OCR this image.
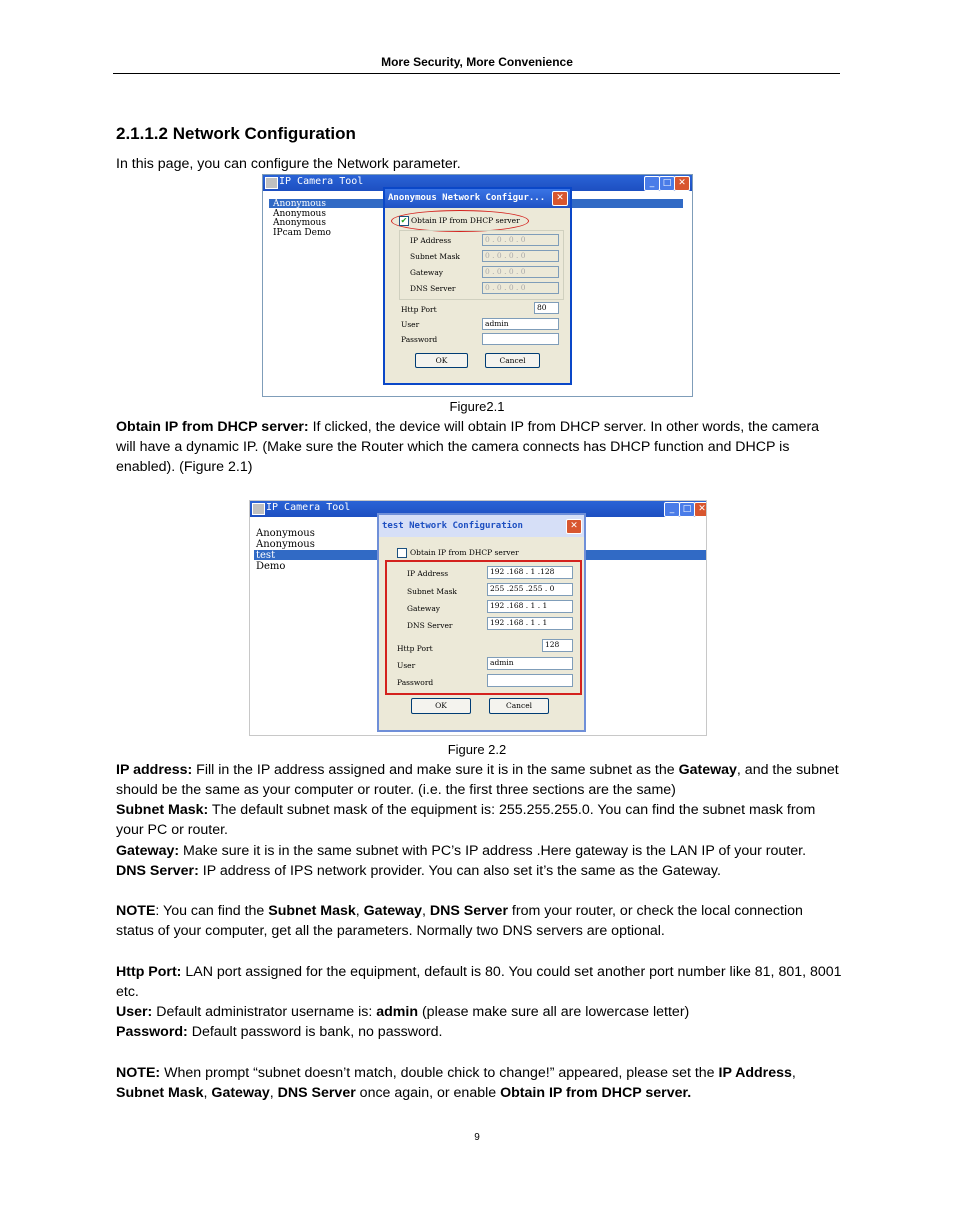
More Security, More Convenience
2.1.1.2 Network Configuration
In this page, you can configure the Network parameter.
IP Camera Tool	_ □ ✕
Anonymous
Anonymous
Anonymous
IPcam Demo
Anonymous Network Configur...	✕
✔ Obtain IP from DHCP server
IP Address	0 . 0 . 0 . 0
Subnet Mask	0 . 0 . 0 . 0
Gateway	0 . 0 . 0 . 0
DNS Server	0 . 0 . 0 . 0
Http Port	80
User	admin
Password
OK	Cancel
Figure2.1
Obtain IP from DHCP server: If clicked, the device will obtain IP from DHCP server. In other words, the camera will have a dynamic IP. (Make sure the Router which the camera connects has DHCP function and DHCP is enabled). (Figure 2.1)
IP Camera Tool	_ □ ✕
Anonymous
Anonymous
test
Demo
test Network Configuration	✕
Obtain IP from DHCP server
IP Address	192 .168 . 1 .128
Subnet Mask	255 .255 .255 . 0
Gateway	192 .168 . 1 . 1
DNS Server	192 .168 . 1 . 1
Http Port	128
User	admin
Password
OK	Cancel
Figure 2.2
IP address: Fill in the IP address assigned and make sure it is in the same subnet as the Gateway, and the subnet should be the same as your computer or router. (i.e. the first three sections are the same)
Subnet Mask: The default subnet mask of the equipment is: 255.255.255.0. You can find the subnet mask from your PC or router.
Gateway: Make sure it is in the same subnet with PC’s IP address .Here gateway is the LAN IP of your router.
DNS Server: IP address of IPS network provider. You can also set it’s the same as the Gateway.
NOTE: You can find the Subnet Mask, Gateway, DNS Server from your router, or check the local connection status of your computer, get all the parameters. Normally two DNS servers are optional.
Http Port: LAN port assigned for the equipment, default is 80. You could set another port number like 81, 801, 8001 etc.
User: Default administrator username is: admin (please make sure all are lowercase letter)
Password: Default password is bank, no password.
NOTE: When prompt “subnet doesn’t match, double chick to change!” appeared, please set the IP Address, Subnet Mask, Gateway, DNS Server once again, or enable Obtain IP from DHCP server.
9
